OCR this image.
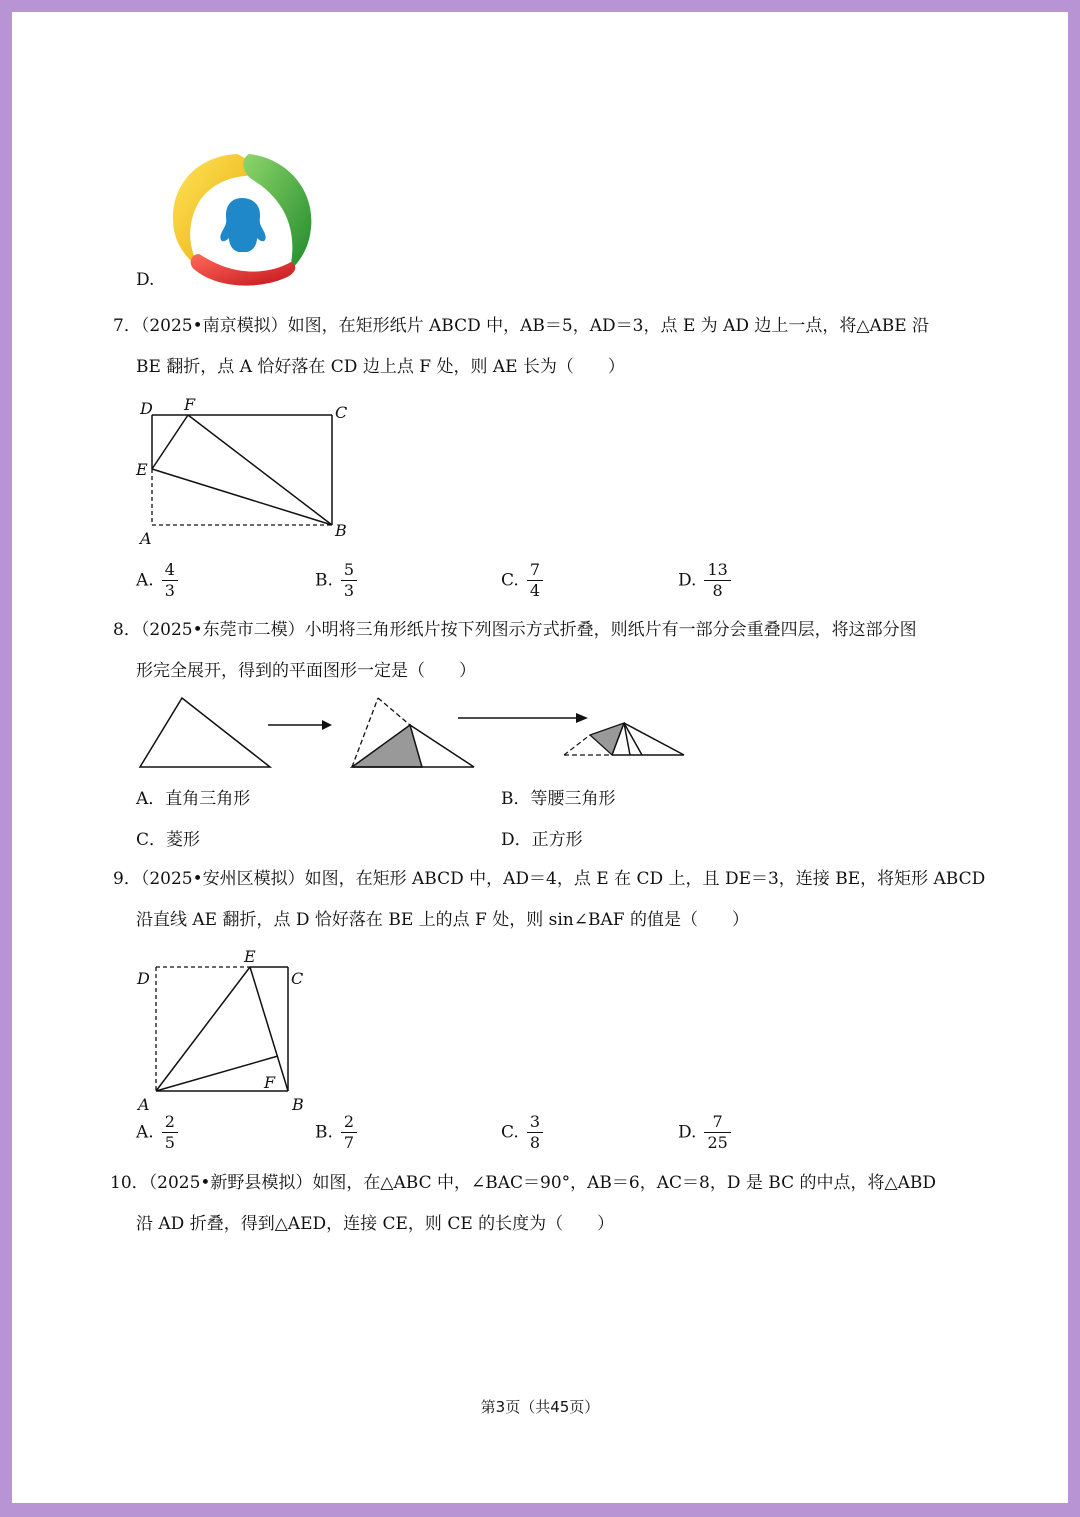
D.
7．（2025•南京模拟）如图，在矩形纸片 ABCD 中，AB＝5，AD＝3，点 E 为 AD 边上一点，将△ABE 沿
BE 翻折，点 A 恰好落在 CD 边上点 F 处，则 AE 长为（　　）
D F	C
E
A	B
A. $\frac{4}{3}$	B. $\frac{5}{3}$	C. $\frac{7}{4}$	D. $\frac{13}{8}$
8．（2025•东莞市二模）小明将三角形纸片按下列图示方式折叠，则纸片有一部分会重叠四层，将这部分图
形完全展开，得到的平面图形一定是（　　）
A．直角三角形	B．等腰三角形
C．菱形	D．正方形
9．（2025•安州区模拟）如图，在矩形 ABCD 中，AD＝4，点 E 在 CD 上，且 DE＝3，连接 BE，将矩形 ABCD
沿直线 AE 翻折，点 D 恰好落在 BE 上的点 F 处，则 sin∠BAF 的值是（　　）
D
E
C
F
A	B
A. $\frac{2}{5}$	B. $\frac{2}{7}$	C. $\frac{3}{8}$	D. $\frac{7}{25}$
10．（2025•新野县模拟）如图，在△ABC 中，∠BAC＝90°，AB＝6，AC＝8，D 是 BC 的中点，将△ABD
沿 AD 折叠，得到△AED，连接 CE，则 CE 的长度为（　　）
第3页（共45页）
